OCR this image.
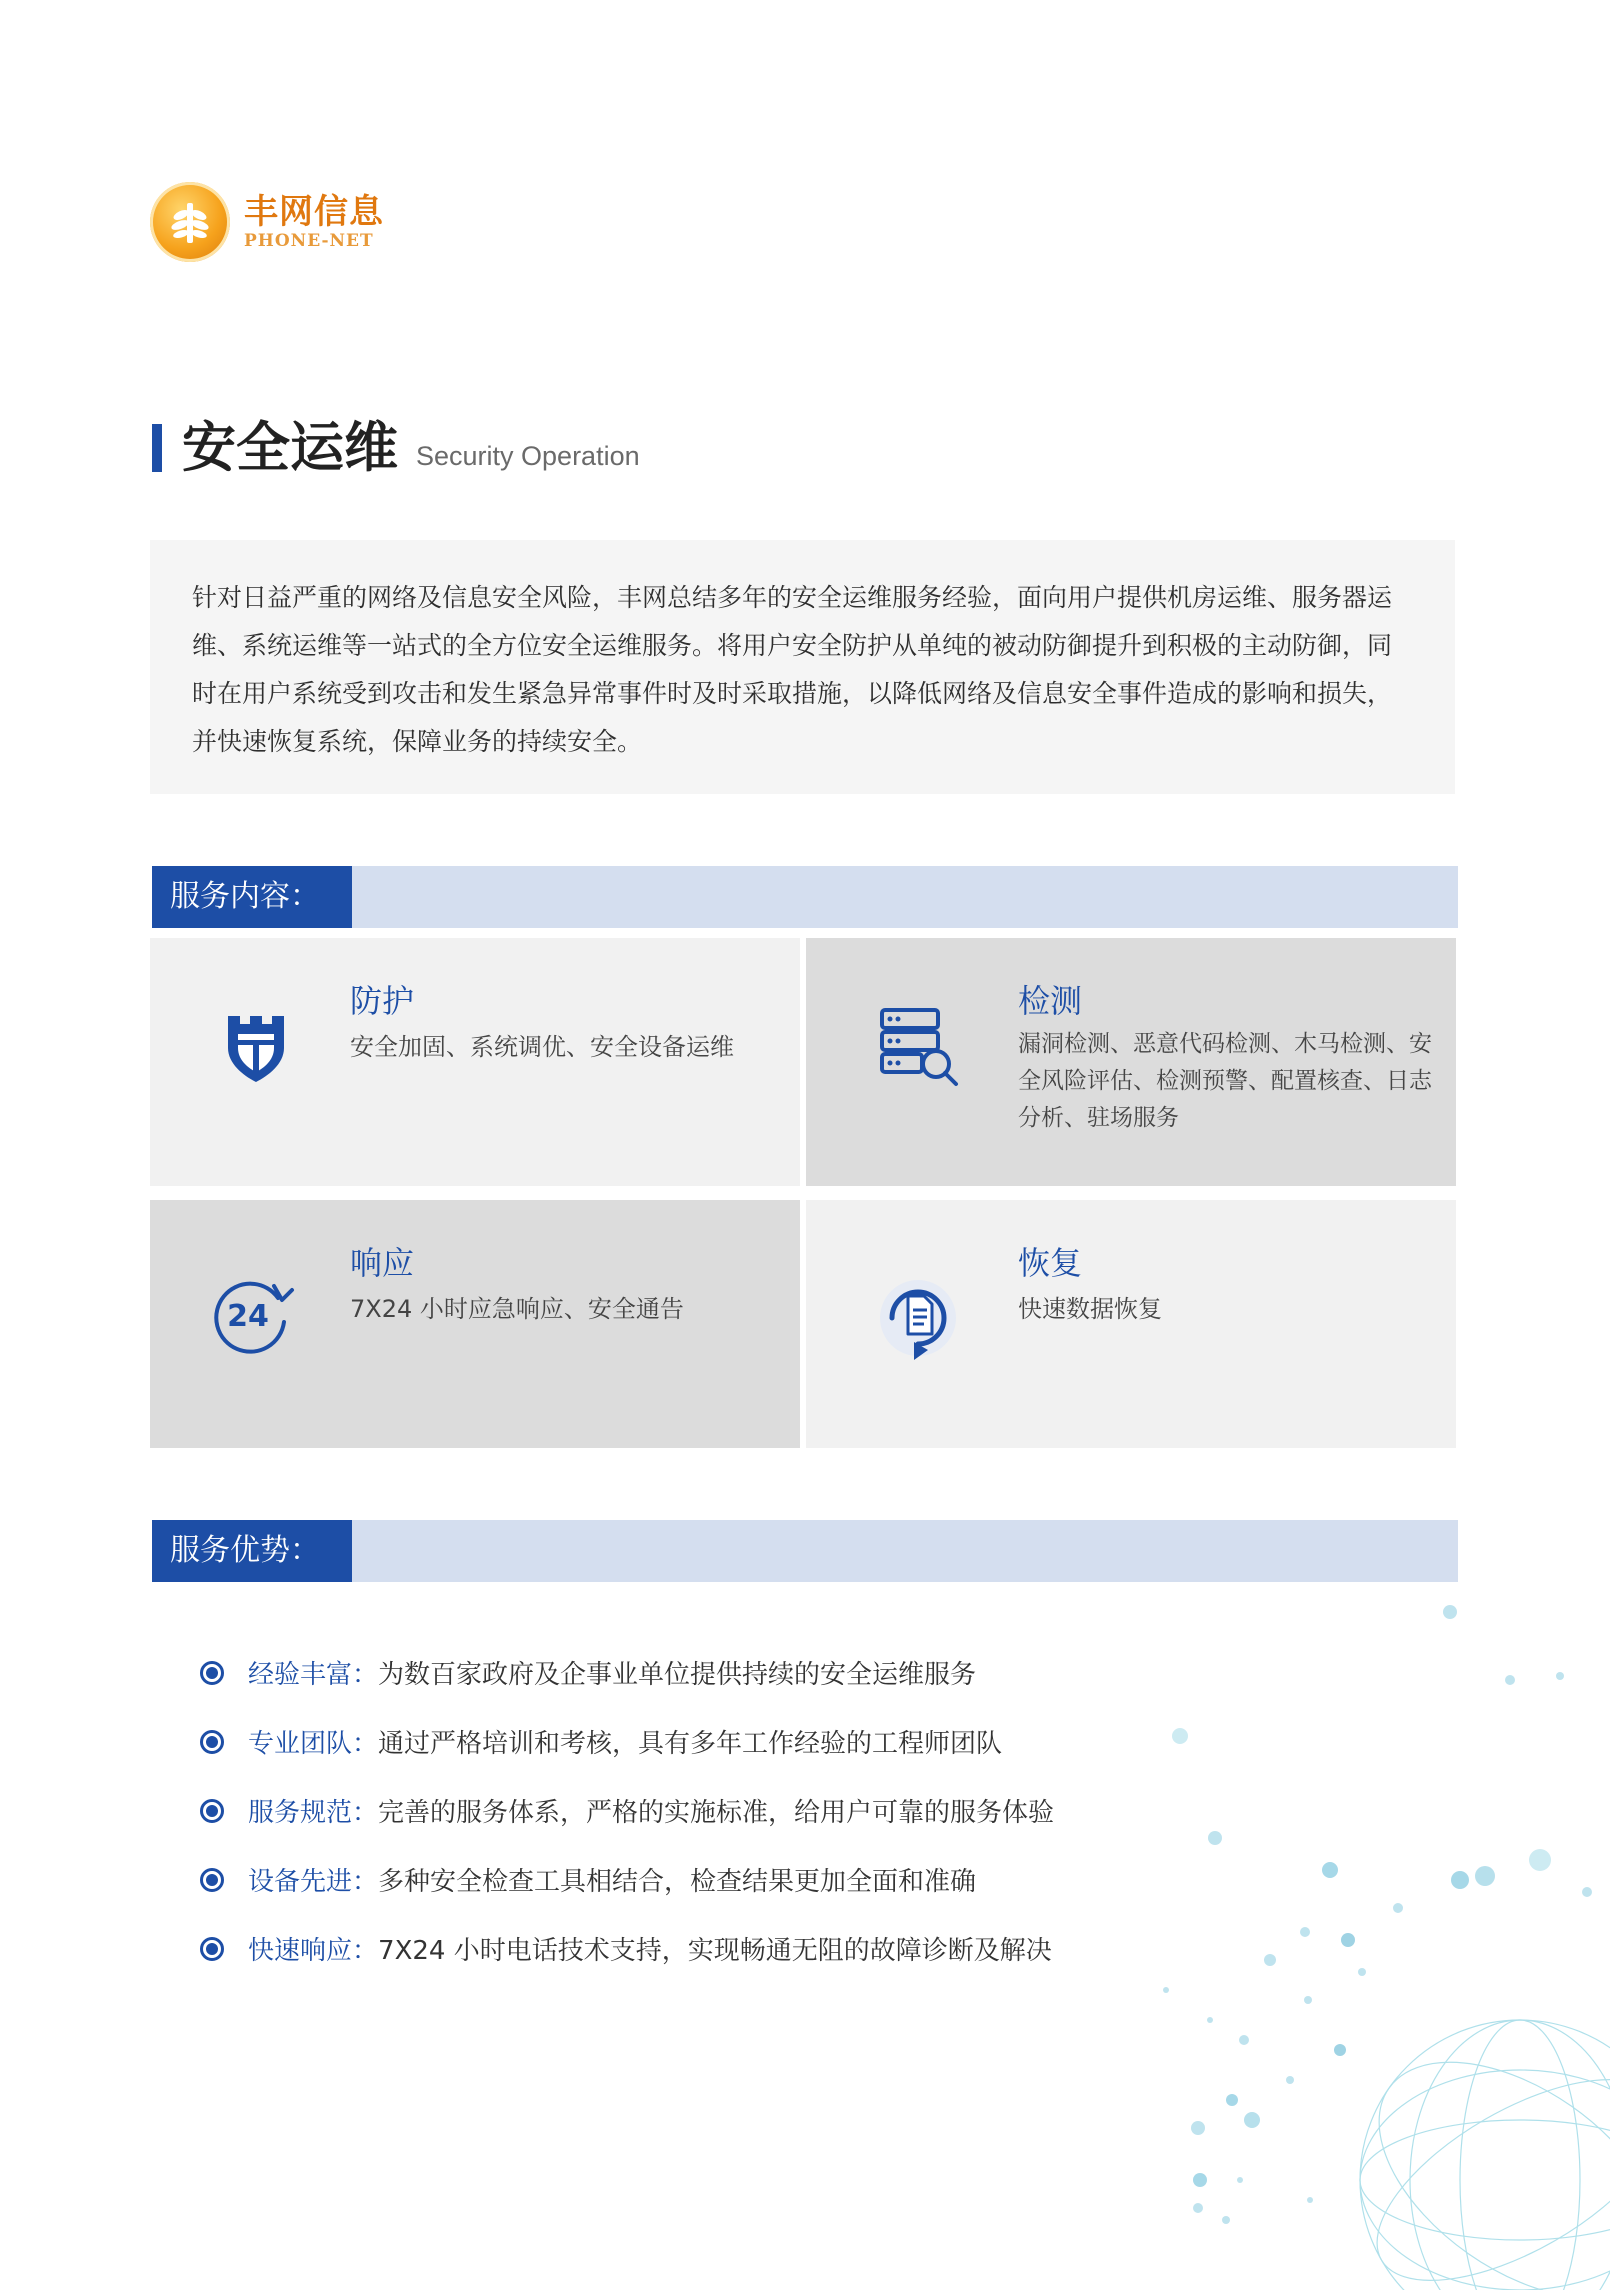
丰网信息
PHONE-NET
安全运维 Security Operation
针对日益严重的网络及信息安全风险，丰网总结多年的安全运维服务经验，面向用户提供机房运维、服务器运维、系统运维等一站式的全方位安全运维服务。将用户安全防护从单纯的被动防御提升到积极的主动防御，同时在用户系统受到攻击和发生紧急异常事件时及时采取措施，以降低网络及信息安全事件造成的影响和损失，并快速恢复系统，保障业务的持续安全。
服务内容：
防护
安全加固、系统调优、安全设备运维
检测
漏洞检测、恶意代码检测、木马检测、安全风险评估、检测预警、配置核查、日志分析、驻场服务
24
响应
7X24 小时应急响应、安全通告
恢复
快速数据恢复
服务优势：
经验丰富 ： 为数百家政府及企事业单位提供持续的安全运维服务
专业团队 ： 通过严格培训和考核，具有多年工作经验的工程师团队
服务规范 ： 完善的服务体系，严格的实施标准，给用户可靠的服务体验
设备先进 ： 多种安全检查工具相结合，检查结果更加全面和准确
快速响应 ： 7X24 小时电话技术支持，实现畅通无阻的故障诊断及解决
